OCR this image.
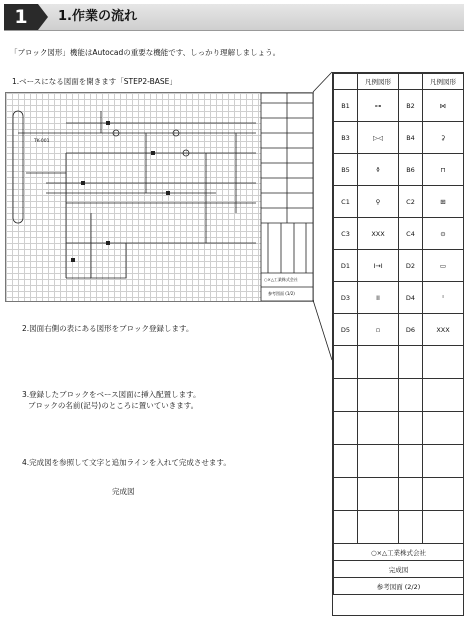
1	1.作業の流れ
「ブロック図形」機能はAutocadの重要な機能です、しっかり理解しましょう。
1.ベースになる図面を開きます「STEP2-BASE」
TK-001
○×△工業株式会社
参考図面 (1/2)
2.図面右側の表にある図形をブロック登録します。
3.登録したブロックをベース図面に挿入配置します。
ブロックの名前(記号)のところに置いていきます。
4.完成図を参照して文字と追加ラインを入れて完成させます。
完成図
	凡例図形		凡例図形
B1	⊶	B2	⋈
B3	▷◁	B4	⚳
B5	⚱	B6	⊓
C1	⚲	C2	⊞
C3	XXX	C4	⊙
D1	I→I	D2	▭
D3	II	D4	ᑊ
D5	▫	D6	XXX

○×△工業株式会社			
完成図			
参考図面 (2/2)			
